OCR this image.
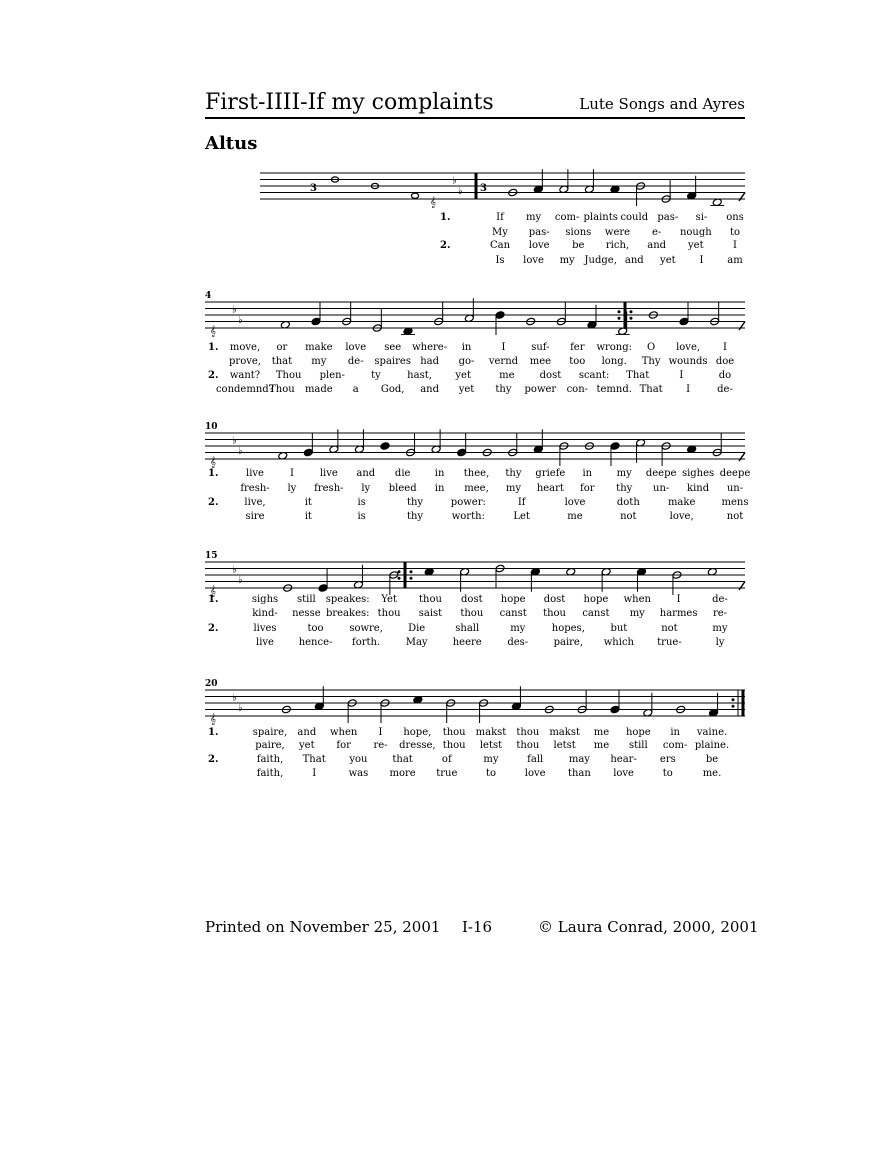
First-IIII-If my complaints	Lute Songs and Ayres
Altus
𝄞
♭
♭
3	3
1.	If my com- plaints could pas- si- ons
My pas- sions were e- nough to
2.	Can love be rich, and yet	I
Is love my Judge, and yet I am
𝄞
♭
♭
4
1. move, or make love see where- in	I	suf- fer wrong: O love, I
prove, that my de- spaires had go- vernd mee too long. Thy wounds doe
2. want? Thou plen-	ty	hast, yet	me	dost scant: That	I	do
condemnd?
Thou made a God, and yet thy power con- temnd. That I	de-
𝄞
♭
♭
10
1.	live	I	live and die in thee, thy griefe in my deepe sighes deepe
fresh- ly fresh- ly bleed in mee, my heart for thy un- kind un-
2.	live,	it	is	thy	power:	If	love	doth	make	mens
sire	it	is	thy	worth:	Let	me	not	love,	not
𝄞
♭
♭
15
1.	sighs still speakes: Yet thou dost hope dost hope when	I	de-
kind- nesse breakes: thou saist thou canst thou canst my harmes re-
2.	lives	too	sowre,	Die	shall	my	hopes,	but	not	my
live hence- forth.	May	heere	des-	paire, which true-	ly
𝄞
♭
♭
20
1.	spaire, and when I hope, thou makst thou makst me hope in vaine.
paire, yet for re- dresse, thou letst thou letst me still com- plaine.
2.	faith, That you that	of	my	fall	may hear- ers	be
faith,	I	was more true	to	love than love	to	me.
Printed on November 25, 2001 I-16	© Laura Conrad, 2000, 2001
